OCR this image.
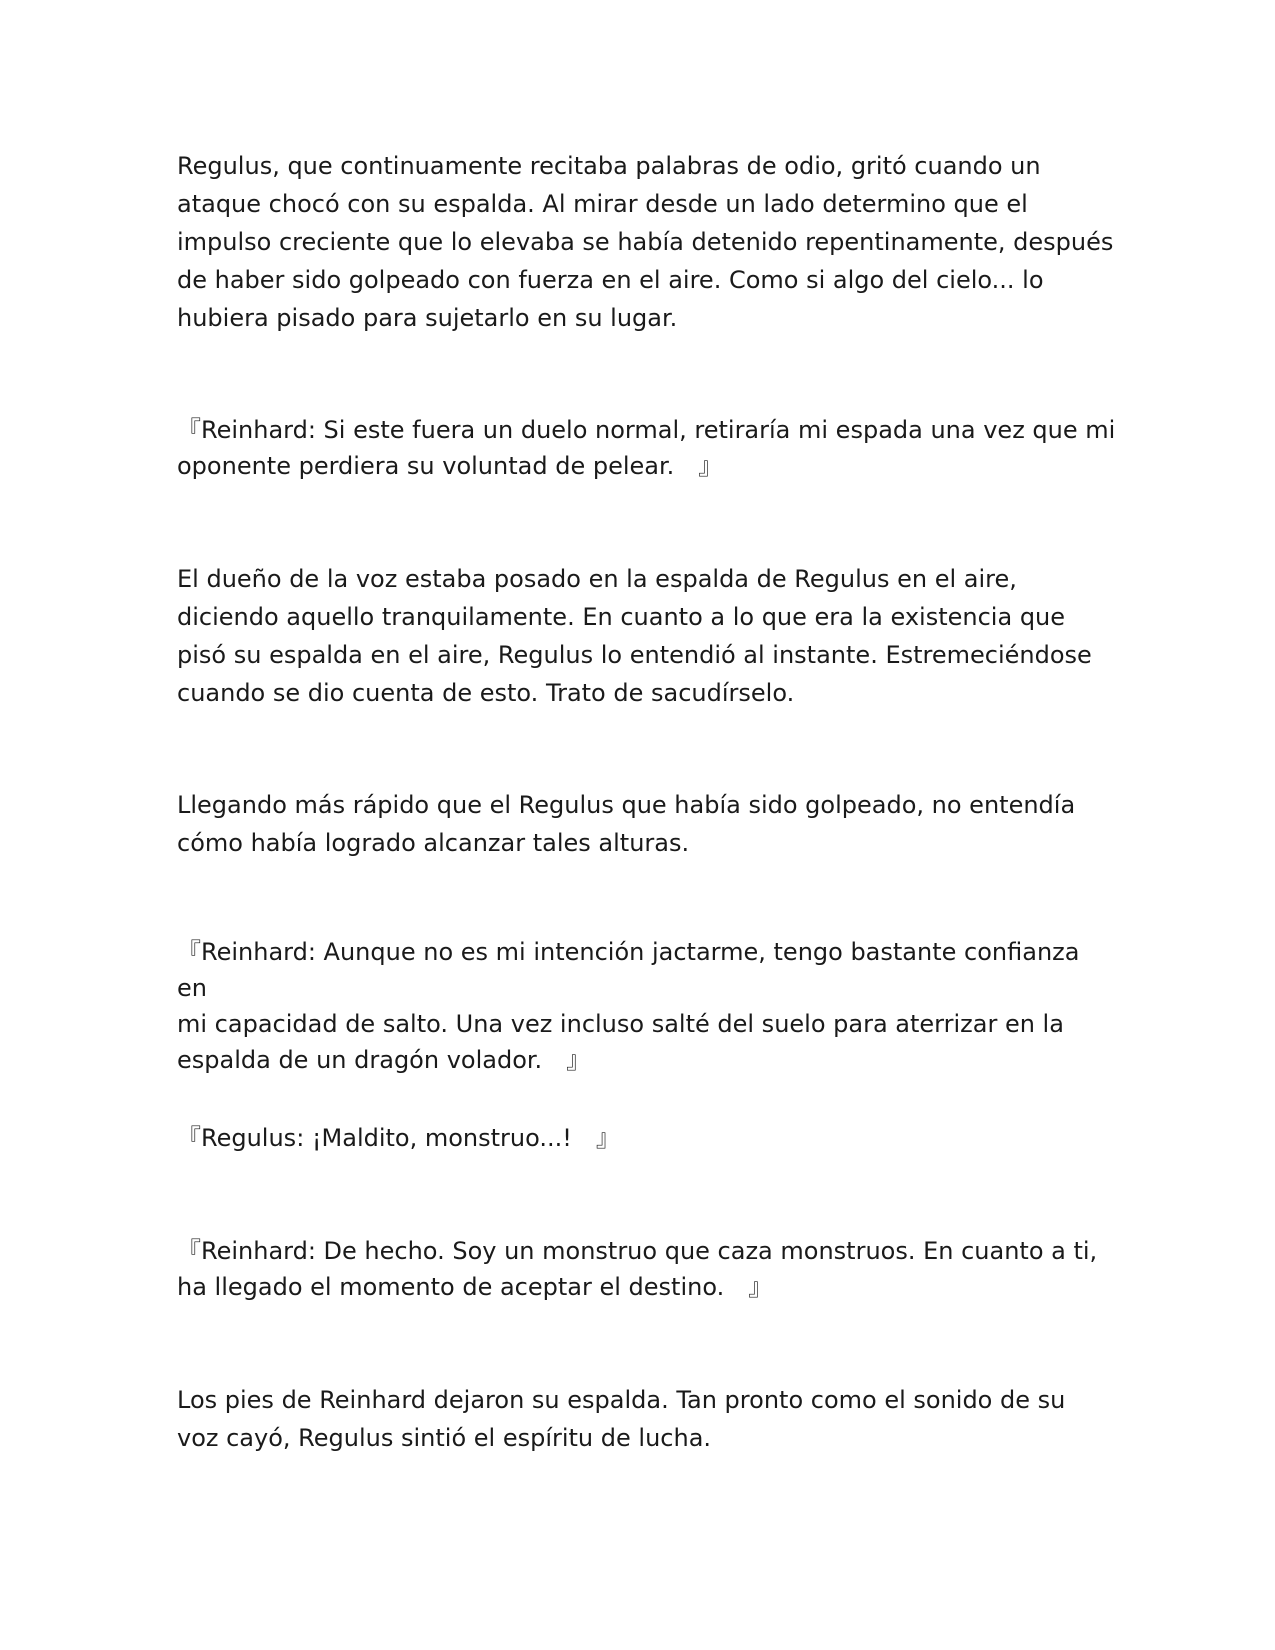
Regulus, que continuamente recitaba palabras de odio, gritó cuando un
ataque chocó con su espalda. Al mirar desde un lado determino que el
impulso creciente que lo elevaba se había detenido repentinamente, después
de haber sido golpeado con fuerza en el aire. Como si algo del cielo... lo
hubiera pisado para sujetarlo en su lugar.

『Reinhard: Si este fuera un duelo normal, retiraría mi espada una vez que mi
oponente perdiera su voluntad de pelear.　』

El dueño de la voz estaba posado en la espalda de Regulus en el aire,
diciendo aquello tranquilamente. En cuanto a lo que era la existencia que
pisó su espalda en el aire, Regulus lo entendió al instante. Estremeciéndose
cuando se dio cuenta de esto. Trato de sacudírselo.

Llegando más rápido que el Regulus que había sido golpeado, no entendía
cómo había logrado alcanzar tales alturas.

『Reinhard: Aunque no es mi intención jactarme, tengo bastante confianza en
mi capacidad de salto. Una vez incluso salté del suelo para aterrizar en la
espalda de un dragón volador.　』

『Regulus: ¡Maldito, monstruo...!　』

『Reinhard: De hecho. Soy un monstruo que caza monstruos. En cuanto a ti,
ha llegado el momento de aceptar el destino.　』

Los pies de Reinhard dejaron su espalda. Tan pronto como el sonido de su
voz cayó, Regulus sintió el espíritu de lucha.
